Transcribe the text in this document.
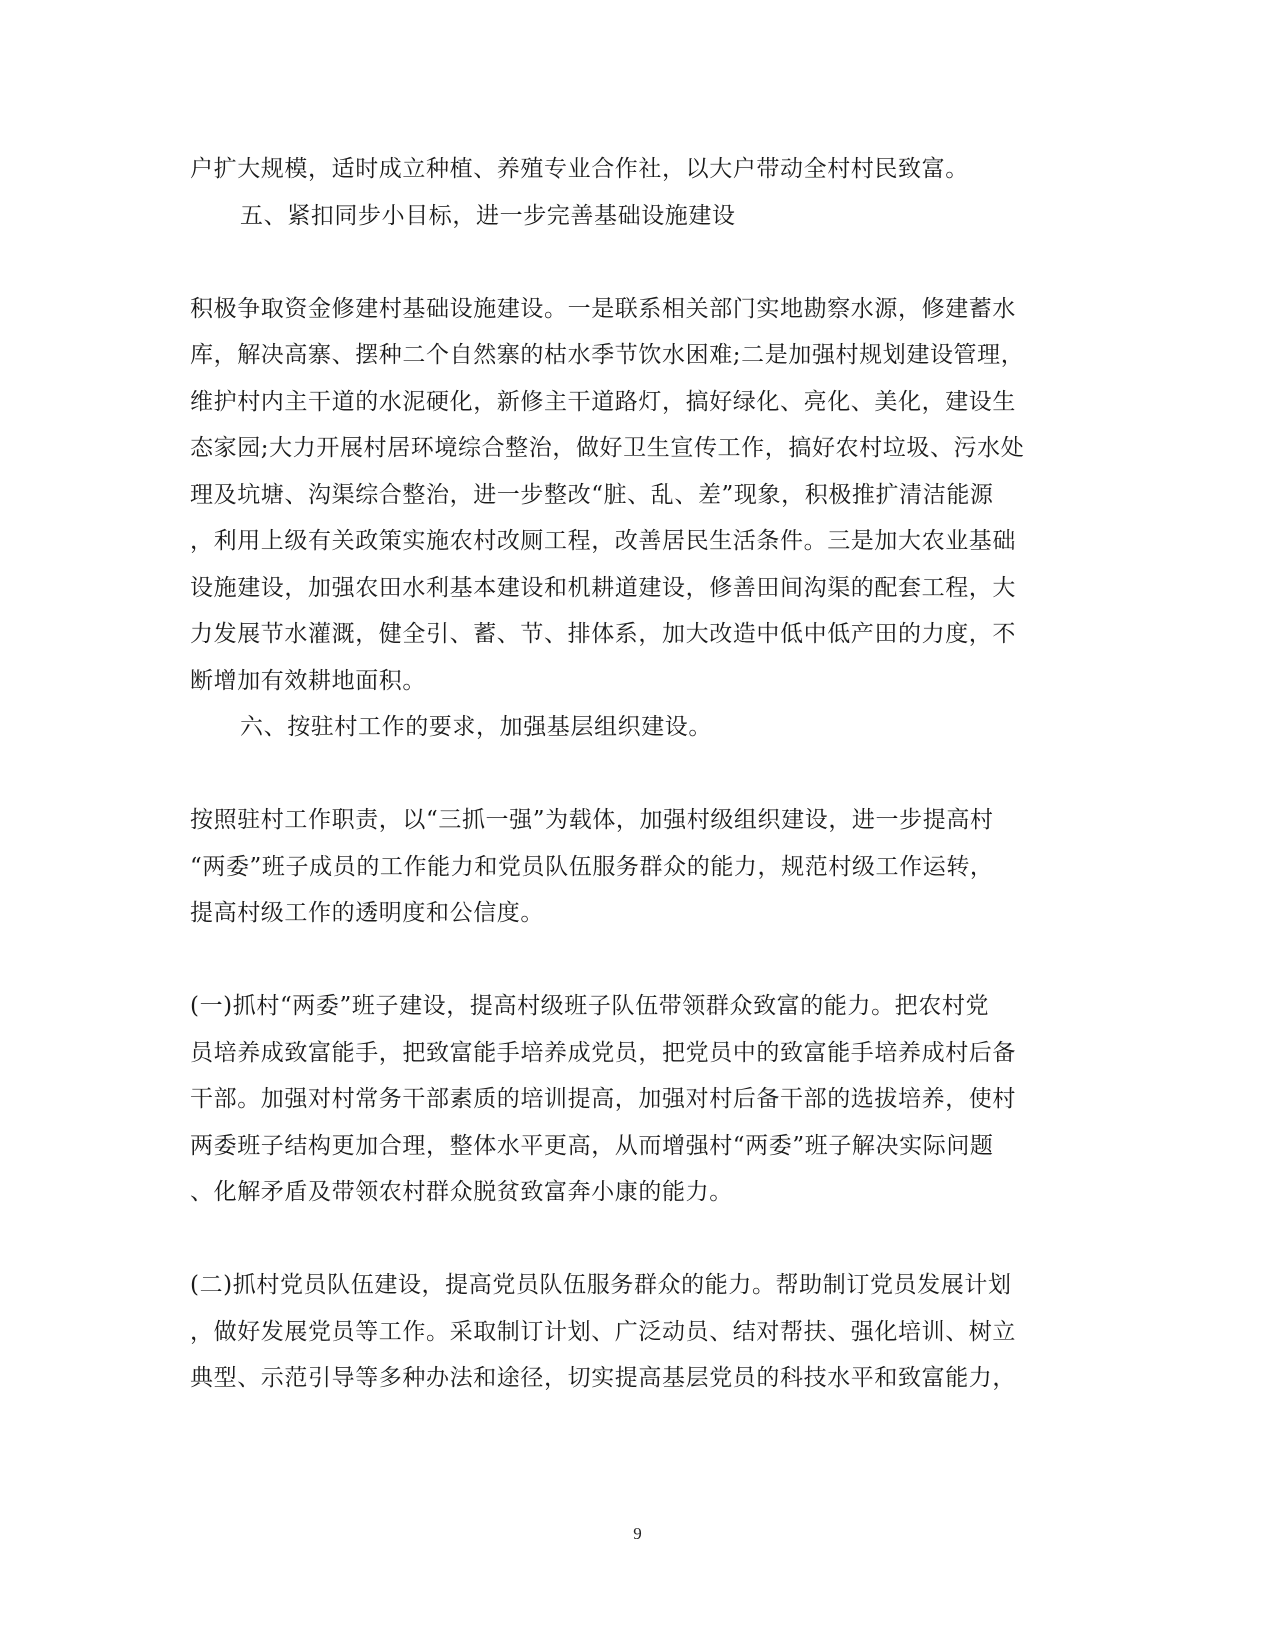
户扩大规模，适时成立种植、养殖专业合作社，以大户带动全村村民致富。
五、紧扣同步小目标，进一步完善基础设施建设
积极争取资金修建村基础设施建设。一是联系相关部门实地勘察水源，修建蓄水
库，解决高寨、摆种二个自然寨的枯水季节饮水困难;二是加强村规划建设管理，
维护村内主干道的水泥硬化，新修主干道路灯，搞好绿化、亮化、美化，建设生
态家园;大力开展村居环境综合整治，做好卫生宣传工作，搞好农村垃圾、污水处
理及坑塘、沟渠综合整治，进一步整改“脏、乱、差”现象，积极推扩清洁能源
，利用上级有关政策实施农村改厕工程，改善居民生活条件。三是加大农业基础
设施建设，加强农田水利基本建设和机耕道建设，修善田间沟渠的配套工程，大
力发展节水灌溉，健全引、蓄、节、排体系，加大改造中低中低产田的力度，不
断增加有效耕地面积。
六、按驻村工作的要求，加强基层组织建设。
按照驻村工作职责，以“三抓一强”为载体，加强村级组织建设，进一步提高村
“两委”班子成员的工作能力和党员队伍服务群众的能力，规范村级工作运转，
提高村级工作的透明度和公信度。
(一)抓村“两委”班子建设，提高村级班子队伍带领群众致富的能力。把农村党
员培养成致富能手，把致富能手培养成党员，把党员中的致富能手培养成村后备
干部。加强对村常务干部素质的培训提高，加强对村后备干部的选拔培养，使村
两委班子结构更加合理，整体水平更高，从而增强村“两委”班子解决实际问题
、化解矛盾及带领农村群众脱贫致富奔小康的能力。
(二)抓村党员队伍建设，提高党员队伍服务群众的能力。帮助制订党员发展计划
，做好发展党员等工作。采取制订计划、广泛动员、结对帮扶、强化培训、树立
典型、示范引导等多种办法和途径，切实提高基层党员的科技水平和致富能力，
9
